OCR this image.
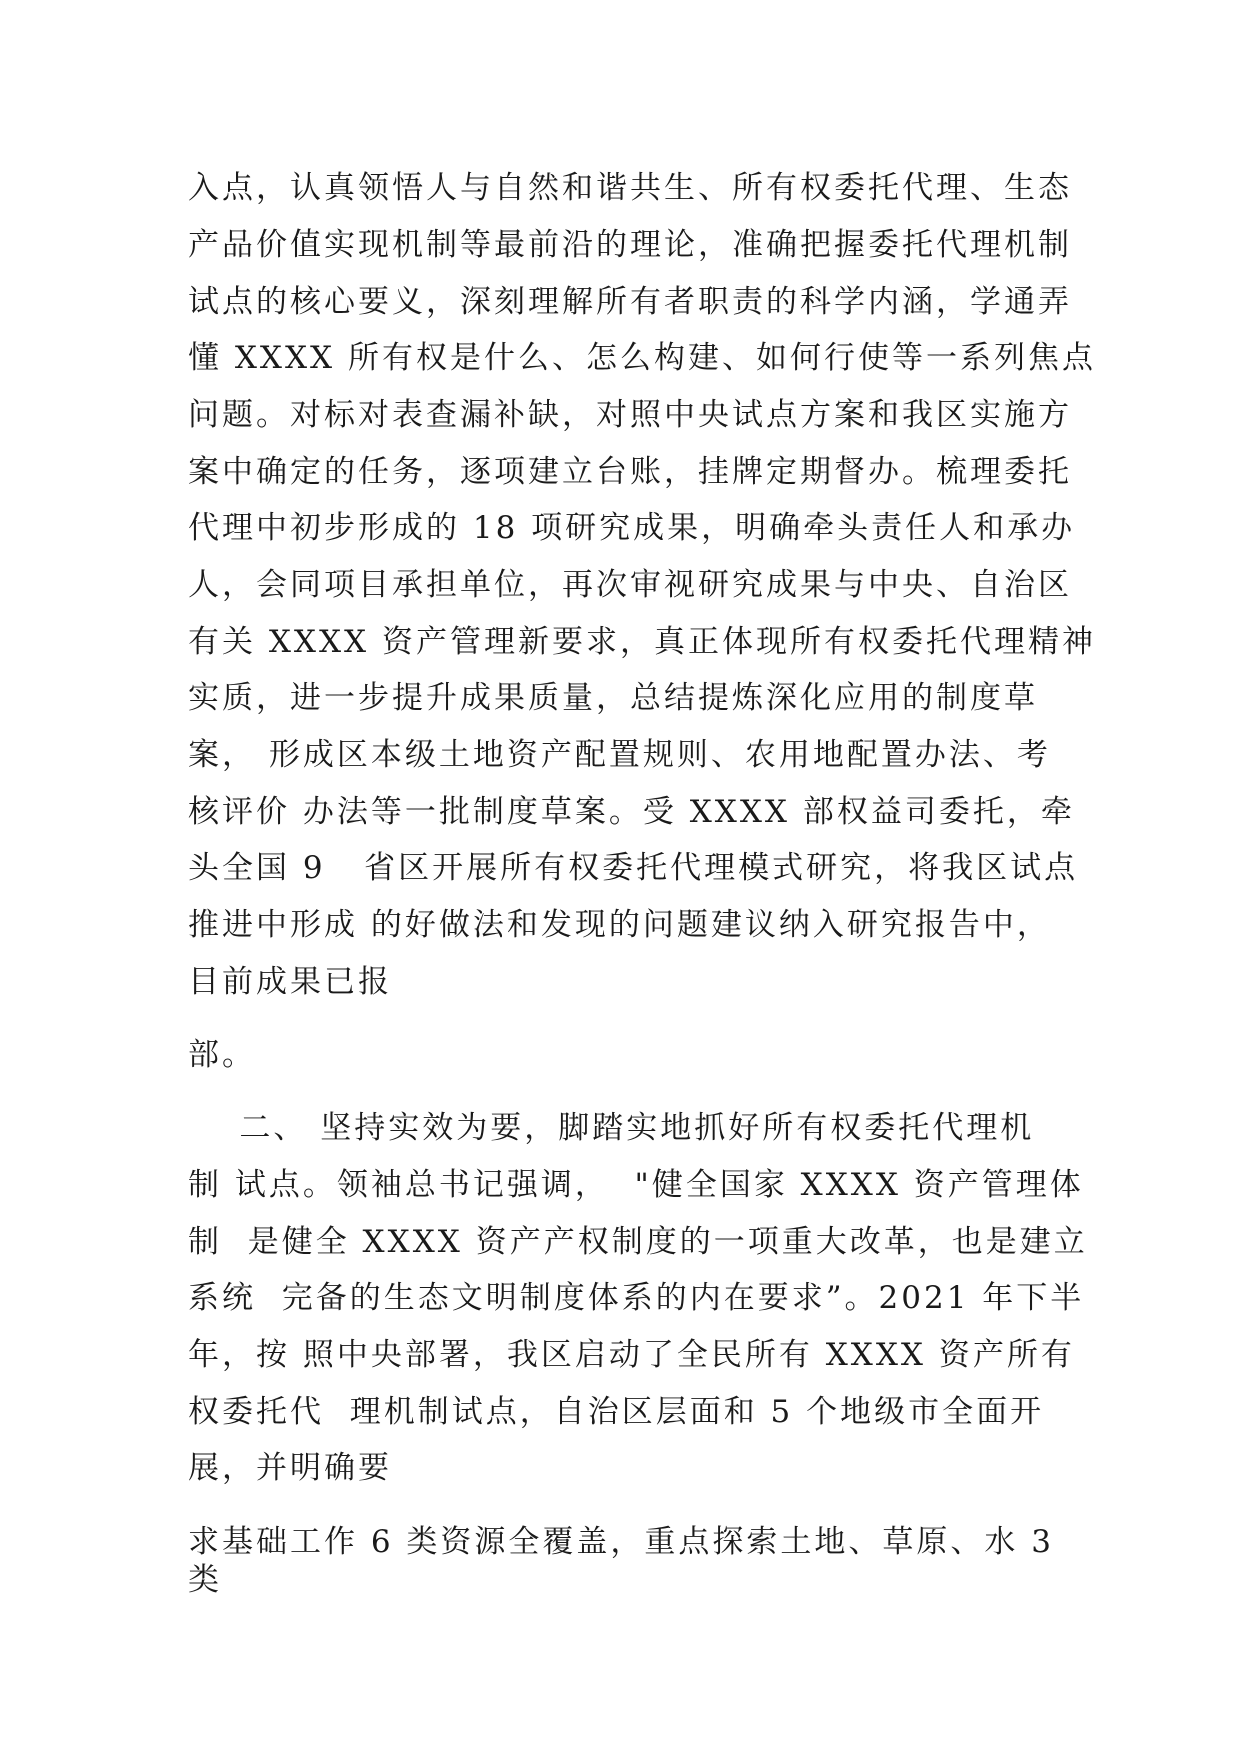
入点，认真领悟人与自然和谐共生、所有权委托代理、生态
产品价值实现机制等最前沿的理论，准确把握委托代理机制
试点的核心要义，深刻理解所有者职责的科学内涵，学通弄
懂 XXXX 所有权是什么、怎么构建、如何行使等一系列焦点
问题。对标对表查漏补缺，对照中央试点方案和我区实施方
案中确定的任务，逐项建立台账，挂牌定期督办。梳理委托
代理中初步形成的 18 项研究成果，明确牵头责任人和承办
人，会同项目承担单位，再次审视研究成果与中央、自治区
有关 XXXX 资产管理新要求，真正体现所有权委托代理精神
实质，进一步提升成果质量，总结提炼深化应用的制度草
案， 形成区本级土地资产配置规则、农用地配置办法、考
核评价 办法等一批制度草案。受 XXXX 部权益司委托，牵
头全国 9   省区开展所有权委托代理模式研究，将我区试点
推进中形成 的好做法和发现的问题建议纳入研究报告中，
目前成果已报
部。
二、 坚持实效为要，脚踏实地抓好所有权委托代理机
制 试点。领袖总书记强调，  "健全国家 XXXX 资产管理体
制  是健全 XXXX 资产产权制度的一项重大改革，也是建立
系统  完备的生态文明制度体系的内在要求”。2021 年下半
年，按 照中央部署，我区启动了全民所有 XXXX 资产所有
权委托代  理机制试点，自治区层面和 5 个地级市全面开
展，并明确要
求基础工作 6 类资源全覆盖，重点探索土地、草原、水 3
类
